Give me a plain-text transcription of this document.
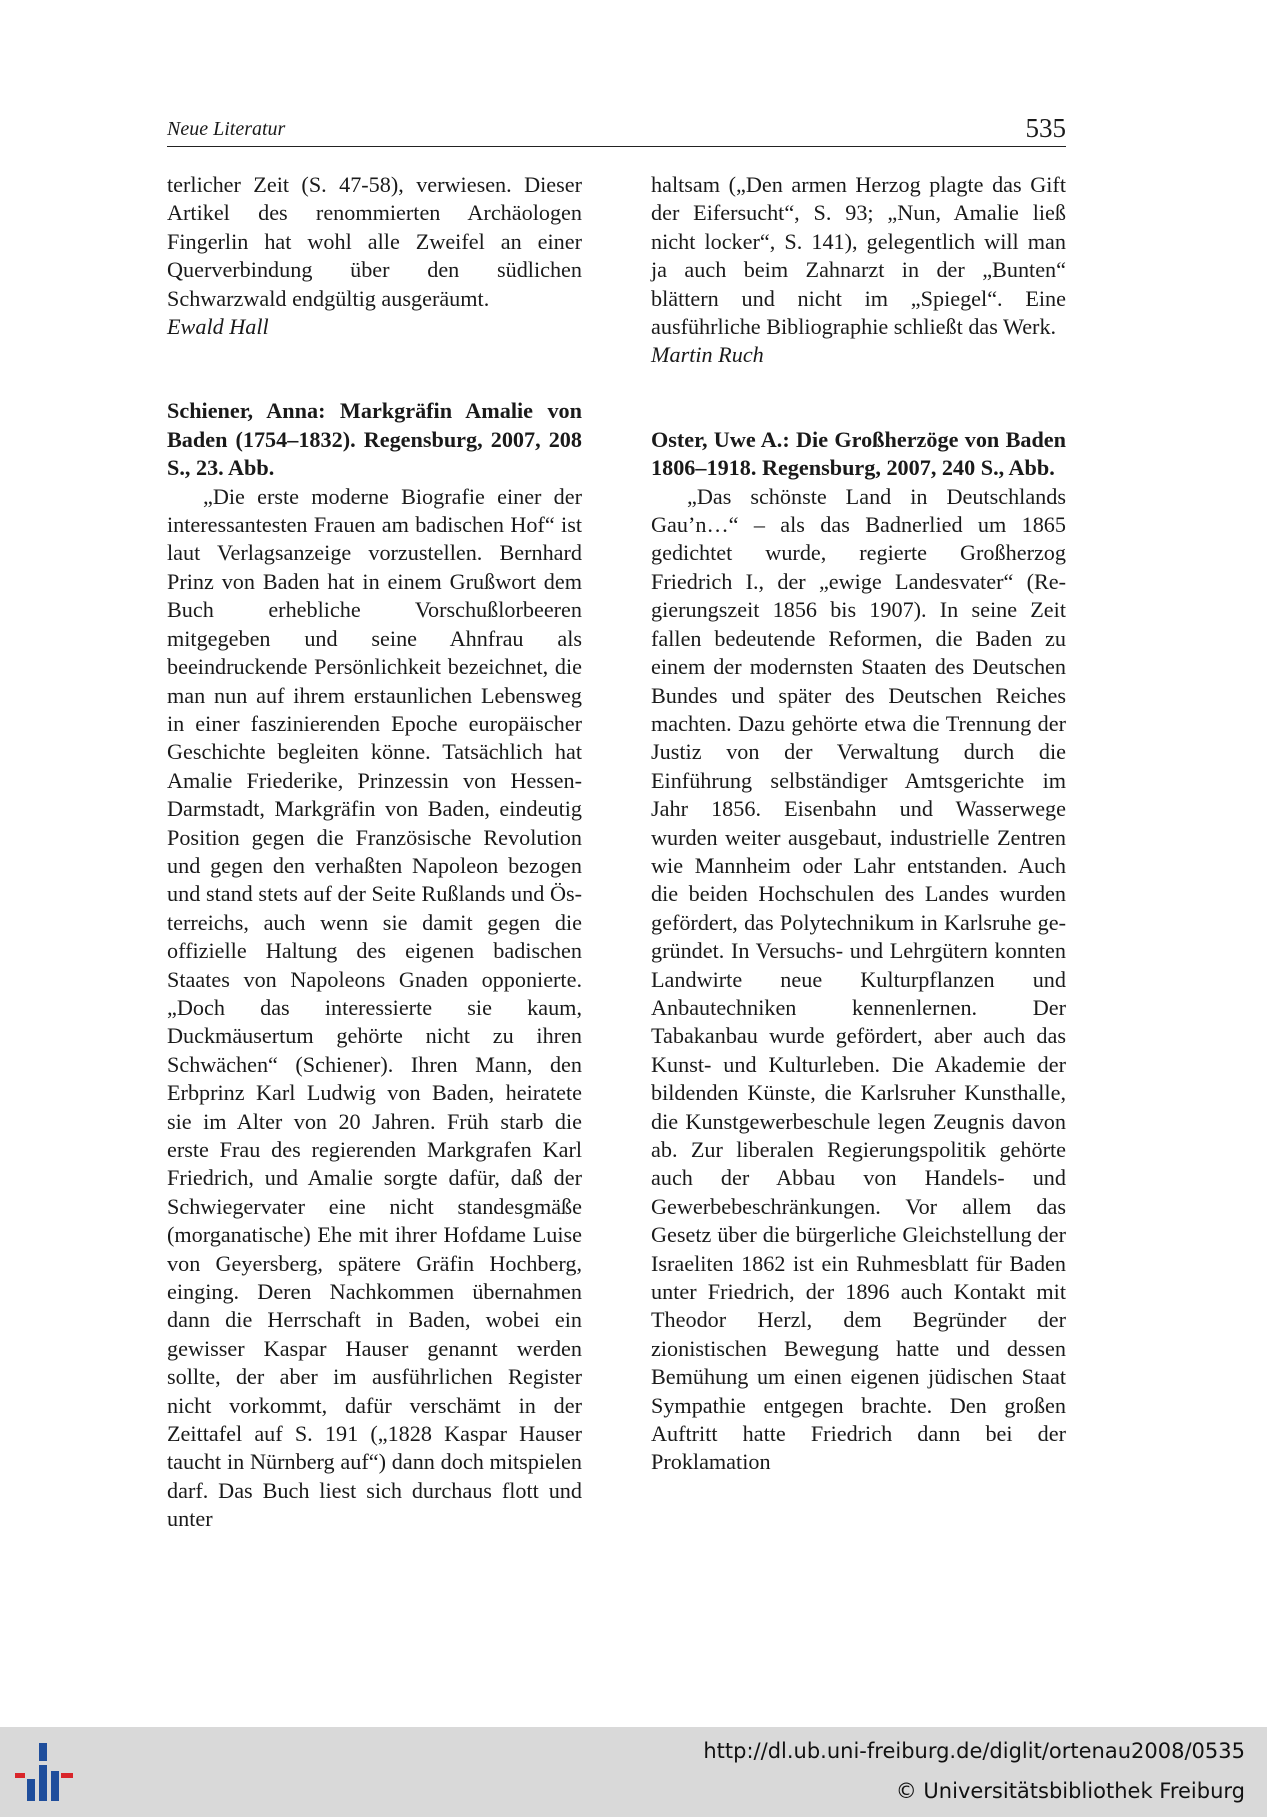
Neue Literatur	535

terlicher Zeit (S. 47-58), verwiesen. Dieser Artikel des renommierten Archäologen Fingerlin hat wohl alle Zweifel an einer Querverbindung über den südlichen Schwarzwald endgültig ausgeräumt.

Ewald Hall

Schiener, Anna: Markgräfin Amalie von Baden (1754–1832). Regensburg, 2007, 208 S., 23. Abb.

„Die erste moderne Biografie einer der interessantesten Frauen am badischen Hof“ ist laut Verlagsanzeige vorzustellen. Bernhard Prinz von Baden hat in einem Grußwort dem Buch erhebliche Vorschußlorbeeren mitgegeben und seine Ahnfrau als beeindruckende Persönlichkeit bezeichnet, die man nun auf ihrem erstaunlichen Lebensweg in einer faszinierenden Epoche europäischer Geschichte begleiten könne. Tatsächlich hat Amalie Friederike, Prinzessin von Hessen-Darmstadt, Markgräfin von Baden, eindeutig Position gegen die Französische Revolution und gegen den verhaßten Napoleon bezogen und stand stets auf der Seite Rußlands und Österreichs, auch wenn sie damit gegen die offizielle Haltung des eigenen badischen Staates von Napoleons Gnaden opponierte. „Doch das interessierte sie kaum, Duckmäusertum gehörte nicht zu ihren Schwächen“ (Schiener). Ihren Mann, den Erbprinz Karl Ludwig von Baden, heiratete sie im Alter von 20 Jahren. Früh starb die erste Frau des regierenden Markgrafen Karl Friedrich, und Amalie sorgte dafür, daß der Schwiegervater eine nicht standesgmäße (morganatische) Ehe mit ihrer Hofdame Luise von Geyersberg, spätere Gräfin Hochberg, einging. Deren Nachkommen übernahmen dann die Herrschaft in Baden, wobei ein gewisser Kaspar Hauser genannt werden sollte, der aber im ausführlichen Register nicht vorkommt, dafür verschämt in der Zeittafel auf S. 191 („1828 Kaspar Hauser taucht in Nürnberg auf“) dann doch mitspielen darf. Das Buch liest sich durchaus flott und unter

haltsam („Den armen Herzog plagte das Gift der Eifersucht“, S. 93; „Nun, Amalie ließ nicht locker“, S. 141), gelegentlich will man ja auch beim Zahnarzt in der „Bunten“ blättern und nicht im „Spiegel“. Eine ausführliche Bibliographie schließt das Werk.

Martin Ruch

Oster, Uwe A.: Die Großherzöge von Baden 1806–1918. Regensburg, 2007, 240 S., Abb.

„Das schönste Land in Deutschlands Gau’n…“ – als das Badnerlied um 1865 gedichtet wurde, regierte Großherzog Friedrich I., der „ewige Landesvater“ (Regierungszeit 1856 bis 1907). In seine Zeit fallen bedeutende Reformen, die Baden zu einem der modernsten Staaten des Deutschen Bundes und später des Deutschen Reiches machten. Dazu gehörte etwa die Trennung der Justiz von der Verwaltung durch die Einführung selbständiger Amtsgerichte im Jahr 1856. Eisenbahn und Wasserwege wurden weiter ausgebaut, industrielle Zentren wie Mannheim oder Lahr entstanden. Auch die beiden Hochschulen des Landes wurden gefördert, das Polytechnikum in Karlsruhe gegründet. In Versuchs- und Lehrgütern konnten Landwirte neue Kulturpflanzen und Anbautechniken kennenlernen. Der Tabakanbau wurde gefördert, aber auch das Kunst- und Kulturleben. Die Akademie der bildenden Künste, die Karlsruher Kunsthalle, die Kunstgewerbeschule legen Zeugnis davon ab. Zur liberalen Regierungspolitik gehörte auch der Abbau von Handels- und Gewerbebeschränkungen. Vor allem das Gesetz über die bürgerliche Gleichstellung der Israeliten 1862 ist ein Ruhmesblatt für Baden unter Friedrich, der 1896 auch Kontakt mit Theodor Herzl, dem Begründer der zionistischen Bewegung hatte und dessen Bemühung um einen eigenen jüdischen Staat Sympathie entgegen brachte. Den großen Auftritt hatte Friedrich dann bei der Proklamation

http://dl.ub.uni-freiburg.de/diglit/ortenau2008/0535
© Universitätsbibliothek Freiburg
